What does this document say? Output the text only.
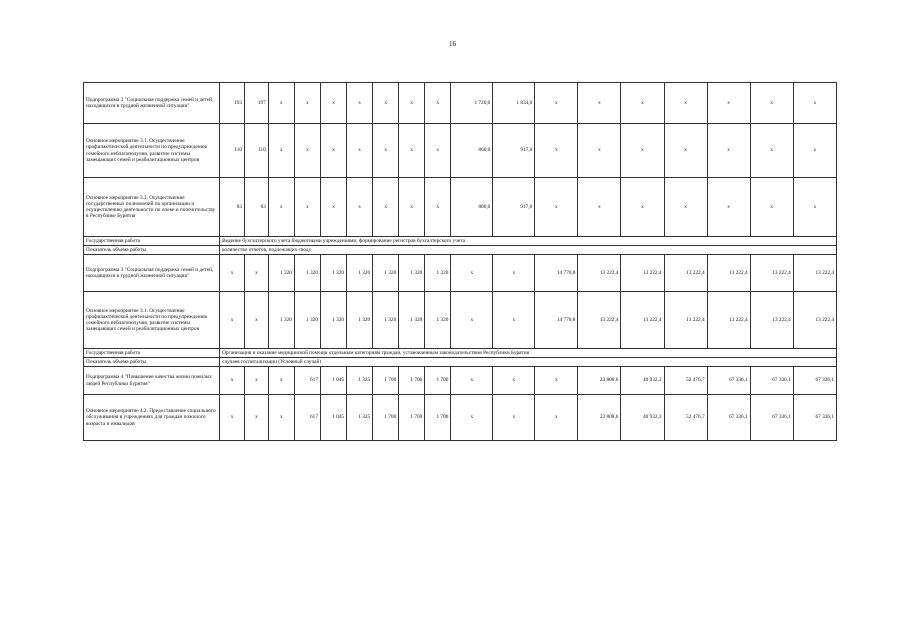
16
Подпрограмма 3 "Социальная поддержка семей и детей, находящихся в трудной жизненной ситуации"	193	197	x	x	x	x	x	x	x	1 720,0	1 834,0	x	x	x	x	x	x	x
Основное мероприятие 3.1. Осуществление профилактической деятельности по предупреждению семейного неблагополучия, развитие системы замещающих семей и реабилитационных центров	110	110	x	x	x	x	x	x	x	860,0	917,0	x	x	x	x	x	x	x
Основное мероприятие 3.3. Осуществление государственных полномочий по организации и осуществлению деятельности по опеке и попечительству в Республике Бурятия	83	83	x	x	x	x	x	x	x	860,0	917,0	x	x	x	x	x	x	x
Государственная работа	Ведение бухгалтерского учета бюджетными учреждениями, формирование регистров бухгалтерского учета																	
Показатель объема работы	количество отчетов, подлежащих своду																	
Подпрограмма 3 "Социальная поддержка семей и детей, находящихся в трудной жизненной ситуации"	x	x	1 320	1 320	1 320	1 320	1 320	1 320	1 320	x	x	14 770,8	13 222,4	13 222,4	13 222,4	13 222,4	13 222,4	13 222,4
Основное мероприятие 3.1. Осуществление профилактической деятельности по предупреждению семейного неблагополучия, развитие системы замещающих семей и реабилитационных центров	x	x	1 320	1 320	1 320	1 320	1 320	1 320	1 320	x	x	14 770,8	13 222,4	13 222,4	13 222,4	13 222,4	13 222,4	13 222,4
Государственная работа	Организация и оказание медицинской помощи отдельным категориям граждан, установленным законодательством Республики Бурятия																	
Показатель объема работы	случаев госпитализации (Условный случай)																	
Подпрограмма 4 "Повышение качества жизни пожилых людей Республики Бурятия"	x	x	x	617	1 045	1 325	1 700	1 700	1 700	x	x	x	23 808,6	40 932,3	52 476,7	67 336,1	67 336,1	67 336,1
Основное мероприятие 4.2. Предоставление социального обслуживания в учреждениях для граждан пожилого возраста и инвалидов	x	x	x	617	1 045	1 325	1 700	1 700	1 700	x	x	x	23 808,6	40 932,3	52 476,7	67 336,1	67 336,1	67 336,1
